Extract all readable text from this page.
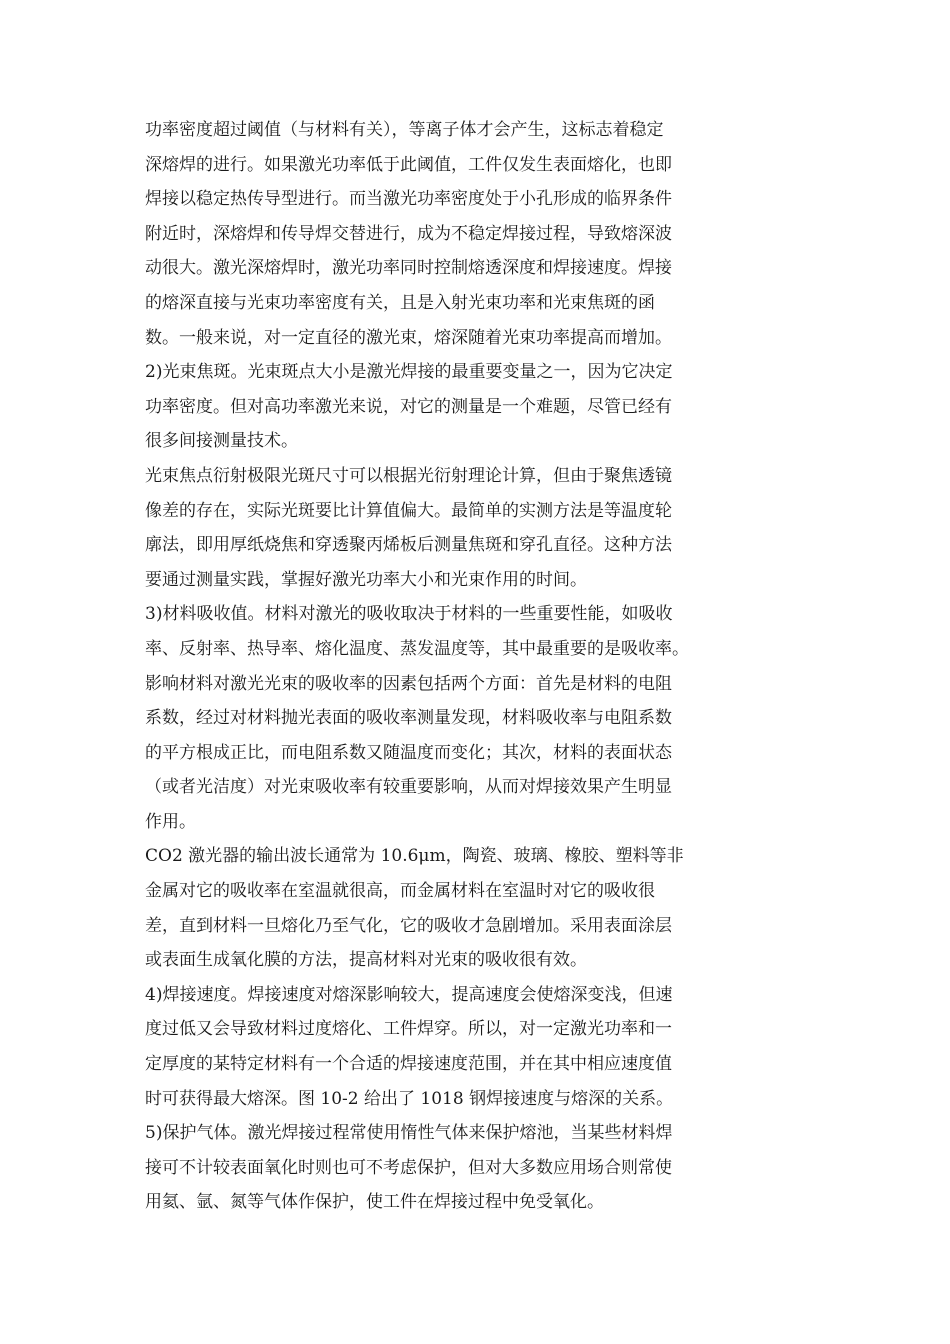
功率密度超过阈值（与材料有关），等离子体才会产生，这标志着稳定
深熔焊的进行。如果激光功率低于此阈值，工件仅发生表面熔化，也即
焊接以稳定热传导型进行。而当激光功率密度处于小孔形成的临界条件
附近时，深熔焊和传导焊交替进行，成为不稳定焊接过程，导致熔深波
动很大。激光深熔焊时，激光功率同时控制熔透深度和焊接速度。焊接
的熔深直接与光束功率密度有关，且是入射光束功率和光束焦斑的函
数。一般来说，对一定直径的激光束，熔深随着光束功率提高而增加。
2)光束焦斑。光束斑点大小是激光焊接的最重要变量之一，因为它决定
功率密度。但对高功率激光来说，对它的测量是一个难题，尽管已经有
很多间接测量技术。
光束焦点衍射极限光斑尺寸可以根据光衍射理论计算，但由于聚焦透镜
像差的存在，实际光斑要比计算值偏大。最简单的实测方法是等温度轮
廓法，即用厚纸烧焦和穿透聚丙烯板后测量焦斑和穿孔直径。这种方法
要通过测量实践，掌握好激光功率大小和光束作用的时间。
3)材料吸收值。材料对激光的吸收取决于材料的一些重要性能，如吸收
率、反射率、热导率、熔化温度、蒸发温度等，其中最重要的是吸收率。
影响材料对激光光束的吸收率的因素包括两个方面：首先是材料的电阻
系数，经过对材料抛光表面的吸收率测量发现，材料吸收率与电阻系数
的平方根成正比，而电阻系数又随温度而变化；其次，材料的表面状态
（或者光洁度）对光束吸收率有较重要影响，从而对焊接效果产生明显
作用。
CO2 激光器的输出波长通常为 10.6μm，陶瓷、玻璃、橡胶、塑料等非
金属对它的吸收率在室温就很高，而金属材料在室温时对它的吸收很
差，直到材料一旦熔化乃至气化，它的吸收才急剧增加。采用表面涂层
或表面生成氧化膜的方法，提高材料对光束的吸收很有效。
4)焊接速度。焊接速度对熔深影响较大，提高速度会使熔深变浅，但速
度过低又会导致材料过度熔化、工件焊穿。所以，对一定激光功率和一
定厚度的某特定材料有一个合适的焊接速度范围，并在其中相应速度值
时可获得最大熔深。图 10-2 给出了 1018 钢焊接速度与熔深的关系。
5)保护气体。激光焊接过程常使用惰性气体来保护熔池，当某些材料焊
接可不计较表面氧化时则也可不考虑保护，但对大多数应用场合则常使
用氦、氩、氮等气体作保护，使工件在焊接过程中免受氧化。
